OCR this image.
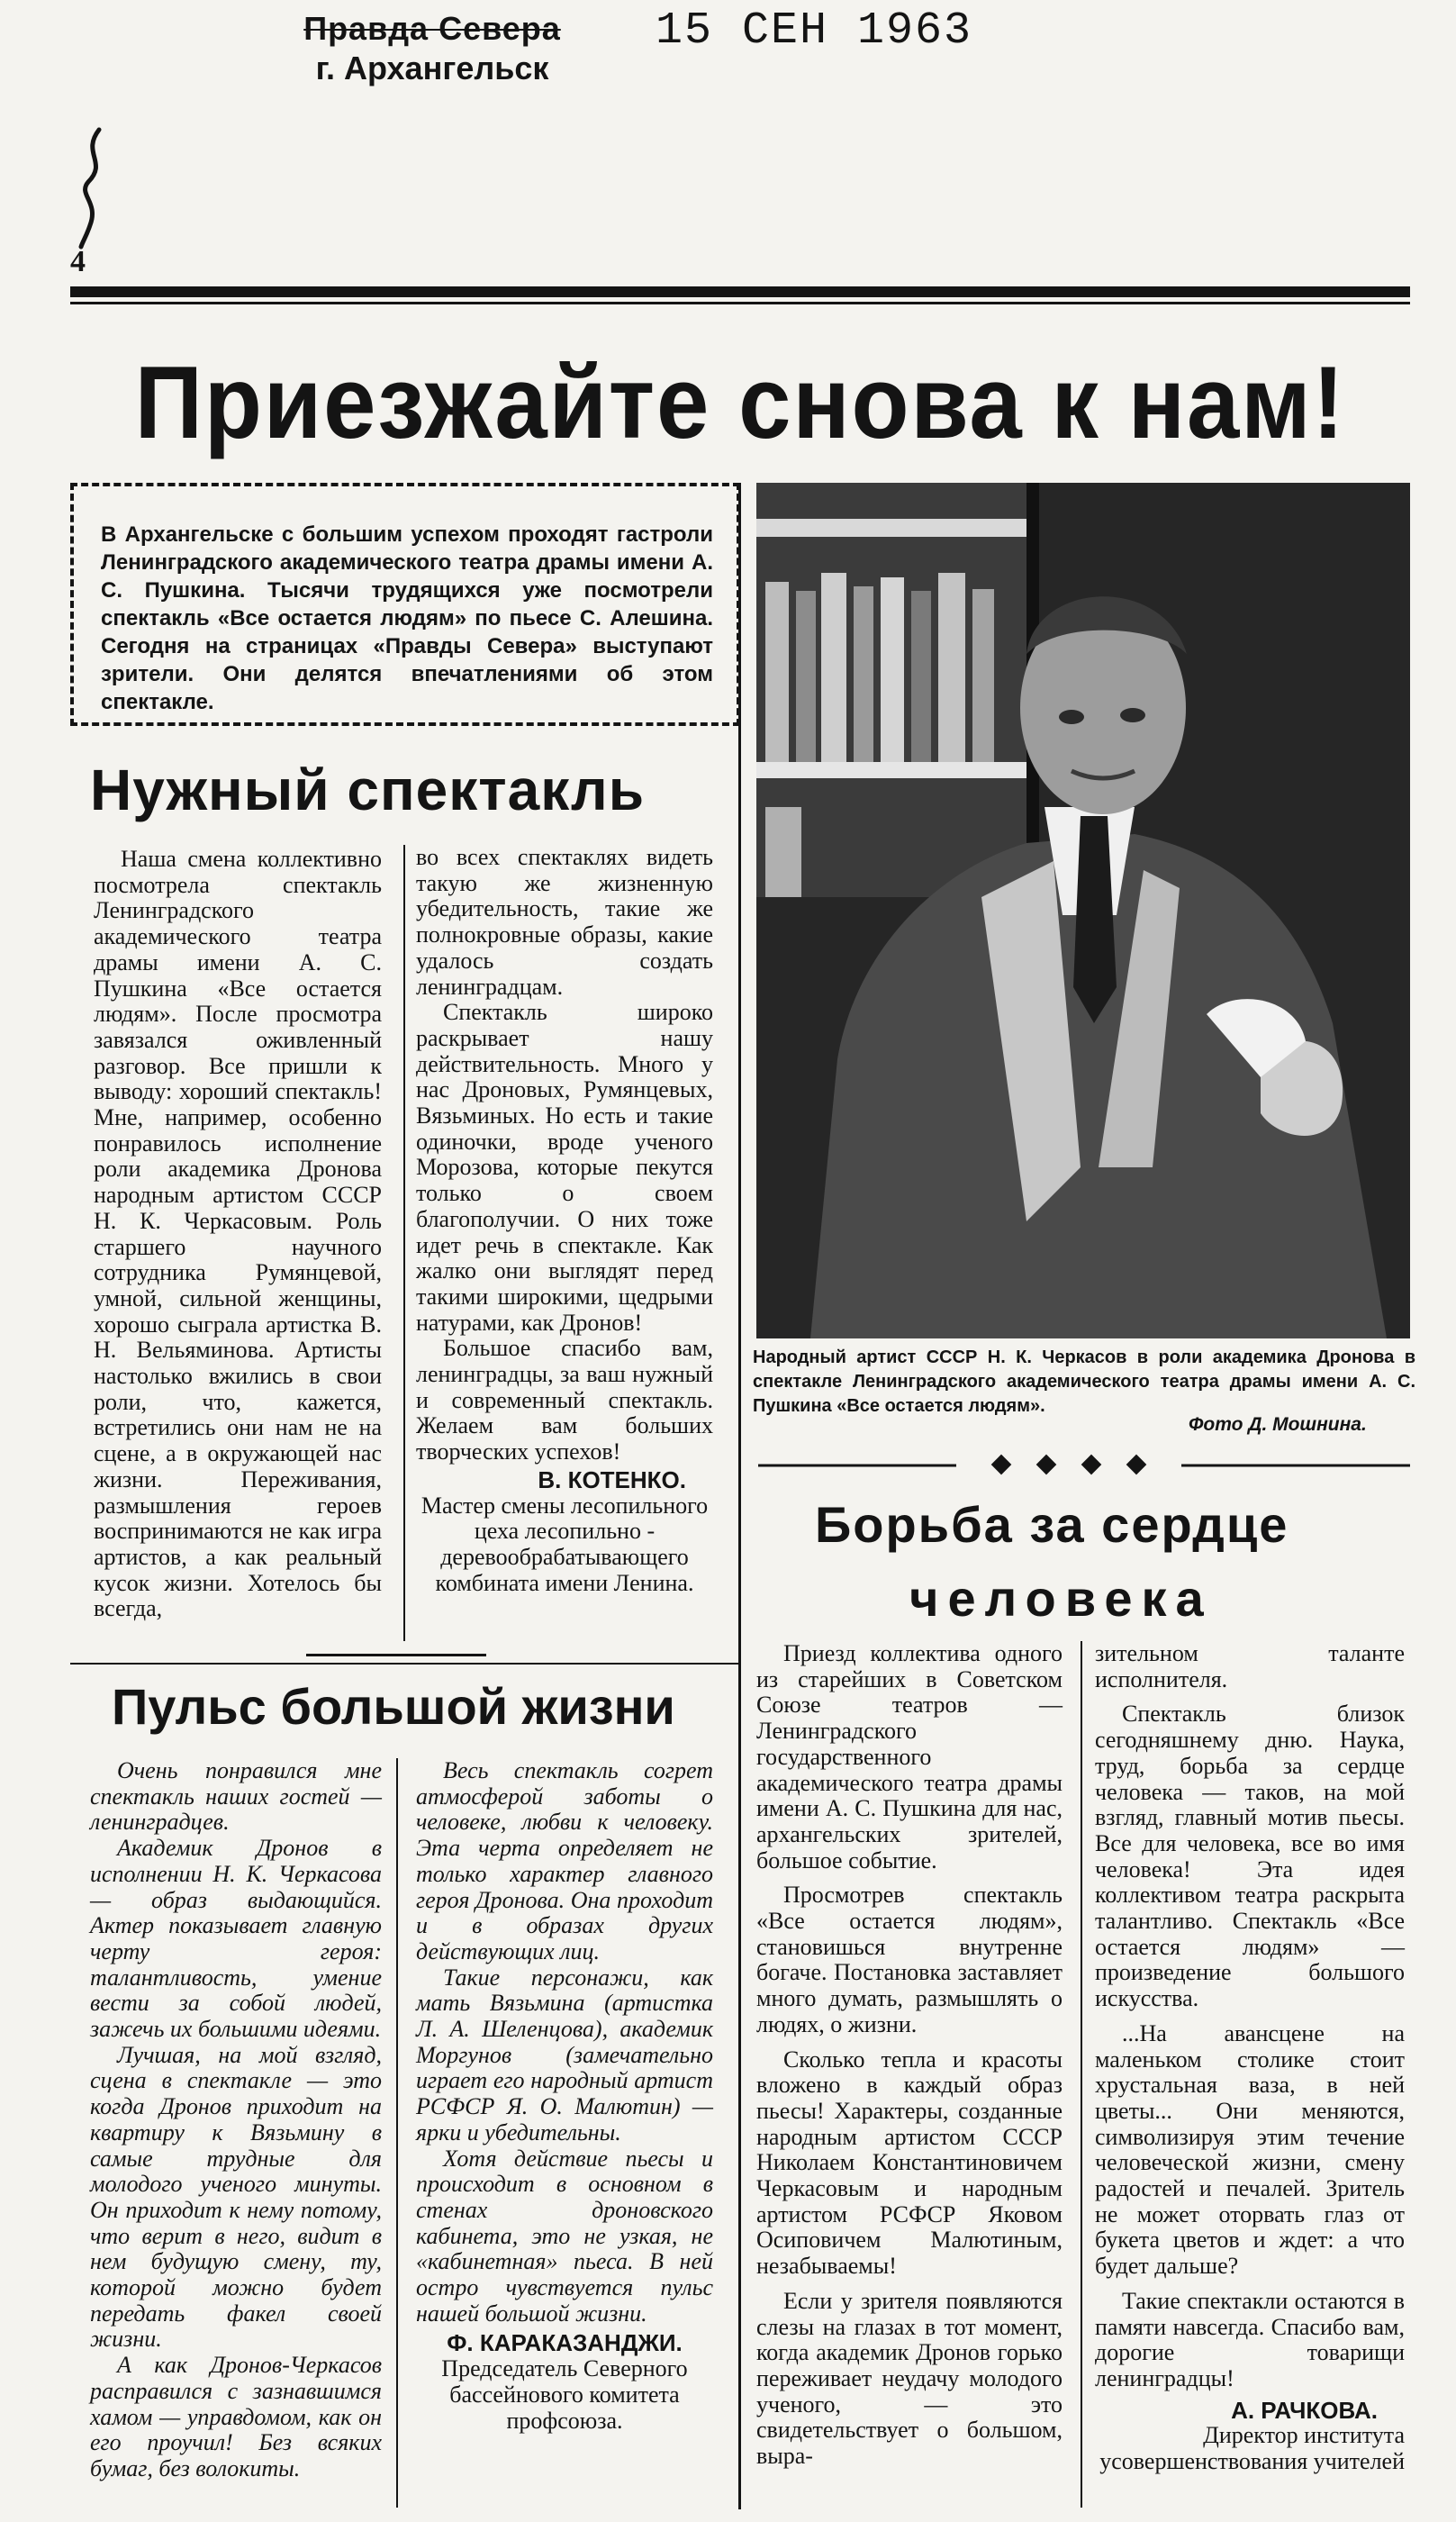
Правда Севера
г. Архангельск
15 СЕН 1963
4
Приезжайте снова к нам!
В Архангельске с большим успехом проходят гастроли Ленинградского академического театра драмы имени А. С. Пушкина. Тысячи трудящихся уже посмотрели спектакль «Все остается людям» по пьесе С. Алешина. Сегодня на страницах «Правды Севера» выступают зрители. Они делятся впечатлениями об этом спектакле.
Народный артист СССР Н. К. Черкасов в роли академика Дронова в спектакле Ленинградского академического театра драмы имени А. С. Пушкина «Все остается людям».
Фото Д. Мошнина.
Нужный спектакль
Наша смена коллективно посмотрела спектакль Ленинградского академического театра драмы имени А. С. Пушкина «Все остается людям». После просмотра завязался оживленный разговор. Все пришли к выводу: хороший спектакль! Мне, например, особенно понравилось исполнение роли академика Дронова народным артистом СССР Н. К. Черкасовым. Роль старшего научного сотрудника Румянцевой, умной, сильной женщины, хорошо сыграла артистка В. Н. Вельяминова. Артисты настолько вжились в свои роли, что, кажется, встретились они нам не на сцене, а в окружающей нас жизни. Переживания, размышления героев воспринимаются не как игра артистов, а как реальный кусок жизни. Хотелось бы всегда,
во всех спектаклях видеть такую же жизненную убедительность, такие же полнокровные образы, какие удалось создать ленинградцам.
Спектакль широко раскрывает нашу действительность. Много у нас Дроновых, Румянцевых, Вязьминых. Но есть и такие одиночки, вроде ученого Морозова, которые пекутся только о своем благополучии. О них тоже идет речь в спектакле. Как жалко они выглядят перед такими широкими, щедрыми натурами, как Дронов!
Большое спасибо вам, ленинградцы, за ваш нужный и современный спектакль. Желаем вам больших творческих успехов!
В. КОТЕНКО.
Мастер смены лесопильного цеха лесопильно - деревообрабатывающего комбината имени Ленина.
Пульс большой жизни
Очень понравился мне спектакль наших гостей — ленинградцев.
Академик Дронов в исполнении Н. К. Черкасова — образ выдающийся. Актер показывает главную черту героя: талантливость, умение вести за собой людей, зажечь их большими идеями.
Лучшая, на мой взгляд, сцена в спектакле — это когда Дронов приходит на квартиру к Вязьмину в самые трудные для молодого ученого минуты. Он приходит к нему потому, что верит в него, видит в нем будущую смену, ту, которой можно будет передать факел своей жизни.
А как Дронов-Черкасов расправился с зазнавшимся хамом — управдомом, как он его проучил! Без всяких бумаг, без волокиты.
Весь спектакль согрет атмосферой заботы о человеке, любви к человеку. Эта черта определяет не только характер главного героя Дронова. Она проходит и в образах других действующих лиц.
Такие персонажи, как мать Вязьмина (артистка Л. А. Шеленцова), академик Моргунов (замечательно играет его народный артист РСФСР Я. О. Малютин) — ярки и убедительны.
Хотя действие пьесы и происходит в основном в стенах дроновского кабинета, это не узкая, не «кабинетная» пьеса. В ней остро чувствуется пульс нашей большой жизни.
Ф. КАРАКАЗАНДЖИ.
Председатель Северного бассейнового комитета профсоюза.
Борьба за сердце
человека
Приезд коллектива одного из старейших в Советском Союзе театров — Ленинградского государственного академического театра драмы имени А. С. Пушкина для нас, архангельских зрителей, большое событие.
Просмотрев спектакль «Все остается людям», становишься внутренне богаче. Постановка заставляет много думать, размышлять о людях, о жизни.
Сколько тепла и красоты вложено в каждый образ пьесы! Характеры, созданные народным артистом СССР Николаем Константиновичем Черкасовым и народным артистом РСФСР Яковом Осиповичем Малютиным, незабываемы!
Если у зрителя появляются слезы на глазах в тот момент, когда академик Дронов горько переживает неудачу молодого ученого, — это свидетельствует о большом, выра-
зительном таланте исполнителя.
Спектакль близок сегодняшнему дню. Наука, труд, борьба за сердце человека — таков, на мой взгляд, главный мотив пьесы. Все для человека, все во имя человека! Эта идея коллективом театра раскрыта талантливо. Спектакль «Все остается людям» — произведение большого искусства.
...На авансцене на маленьком столике стоит хрустальная ваза, в ней цветы... Они меняются, символизируя этим течение человеческой жизни, смену радостей и печалей. Зритель не может оторвать глаз от букета цветов и ждет: а что будет дальше?
Такие спектакли остаются в памяти навсегда. Спасибо вам, дорогие товарищи ленинградцы!
А. РАЧКОВА.
Директор института усовершенствования учителей
